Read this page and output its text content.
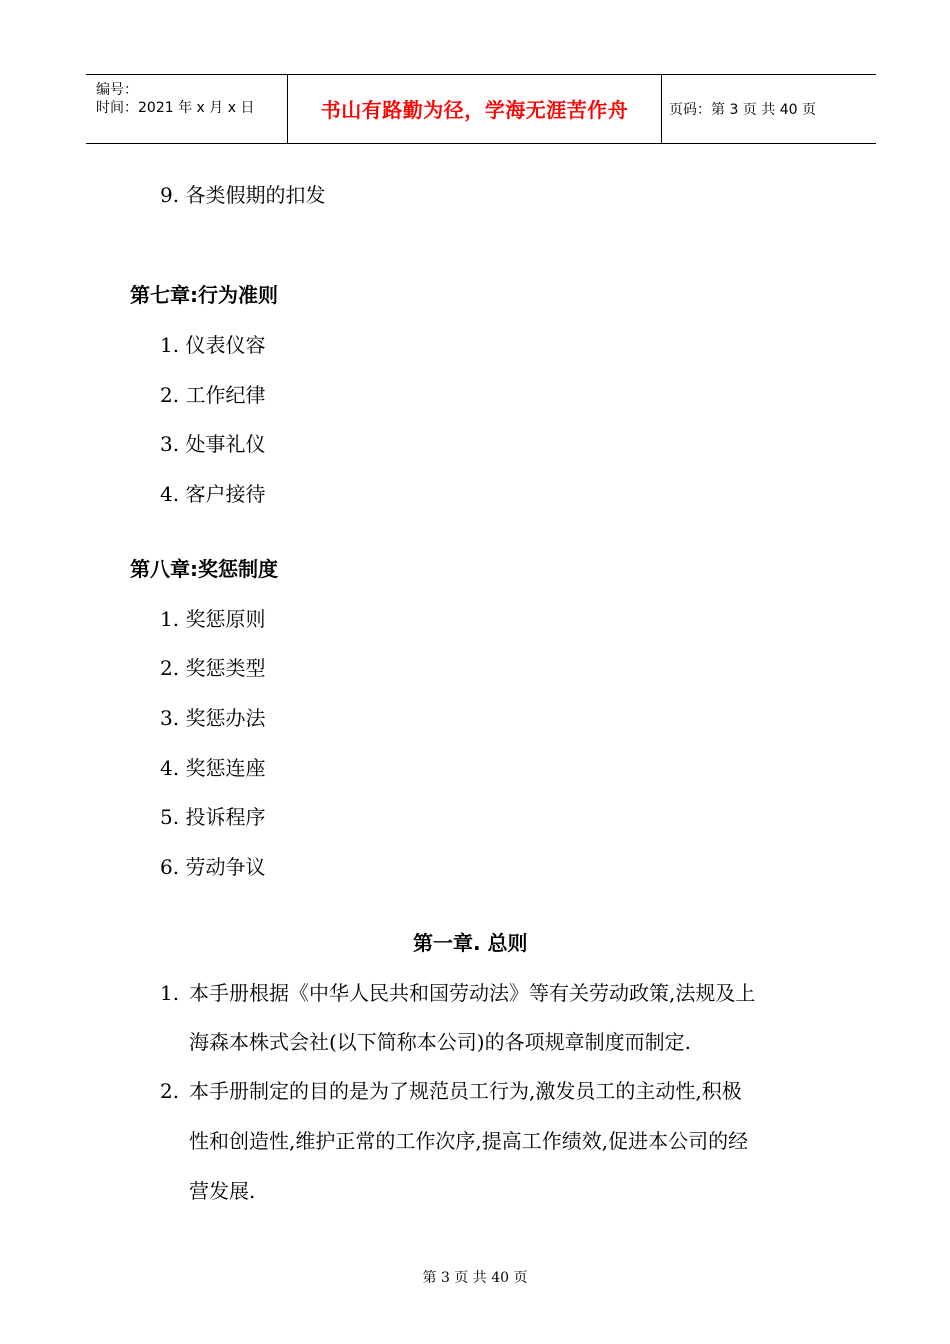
编号：
时间：2021 年 x 月 x 日	书山有路勤为径，学海无涯苦作舟	页码：第 3 页 共 40 页
9. 各类假期的扣发
第七章:行为准则
1. 仪表仪容
2. 工作纪律
3. 处事礼仪
4. 客户接待
第八章:奖惩制度
1. 奖惩原则
2. 奖惩类型
3. 奖惩办法
4. 奖惩连座
5. 投诉程序
6. 劳动争议
第一章. 总则
1. 本手册根据《中华人民共和国劳动法》等有关劳动政策,法规及上
海森本株式会社(以下简称本公司)的各项规章制度而制定.
2. 本手册制定的目的是为了规范员工行为,激发员工的主动性,积极
性和创造性,维护正常的工作次序,提高工作绩效,促进本公司的经
营发展.
第 3 页 共 40 页
